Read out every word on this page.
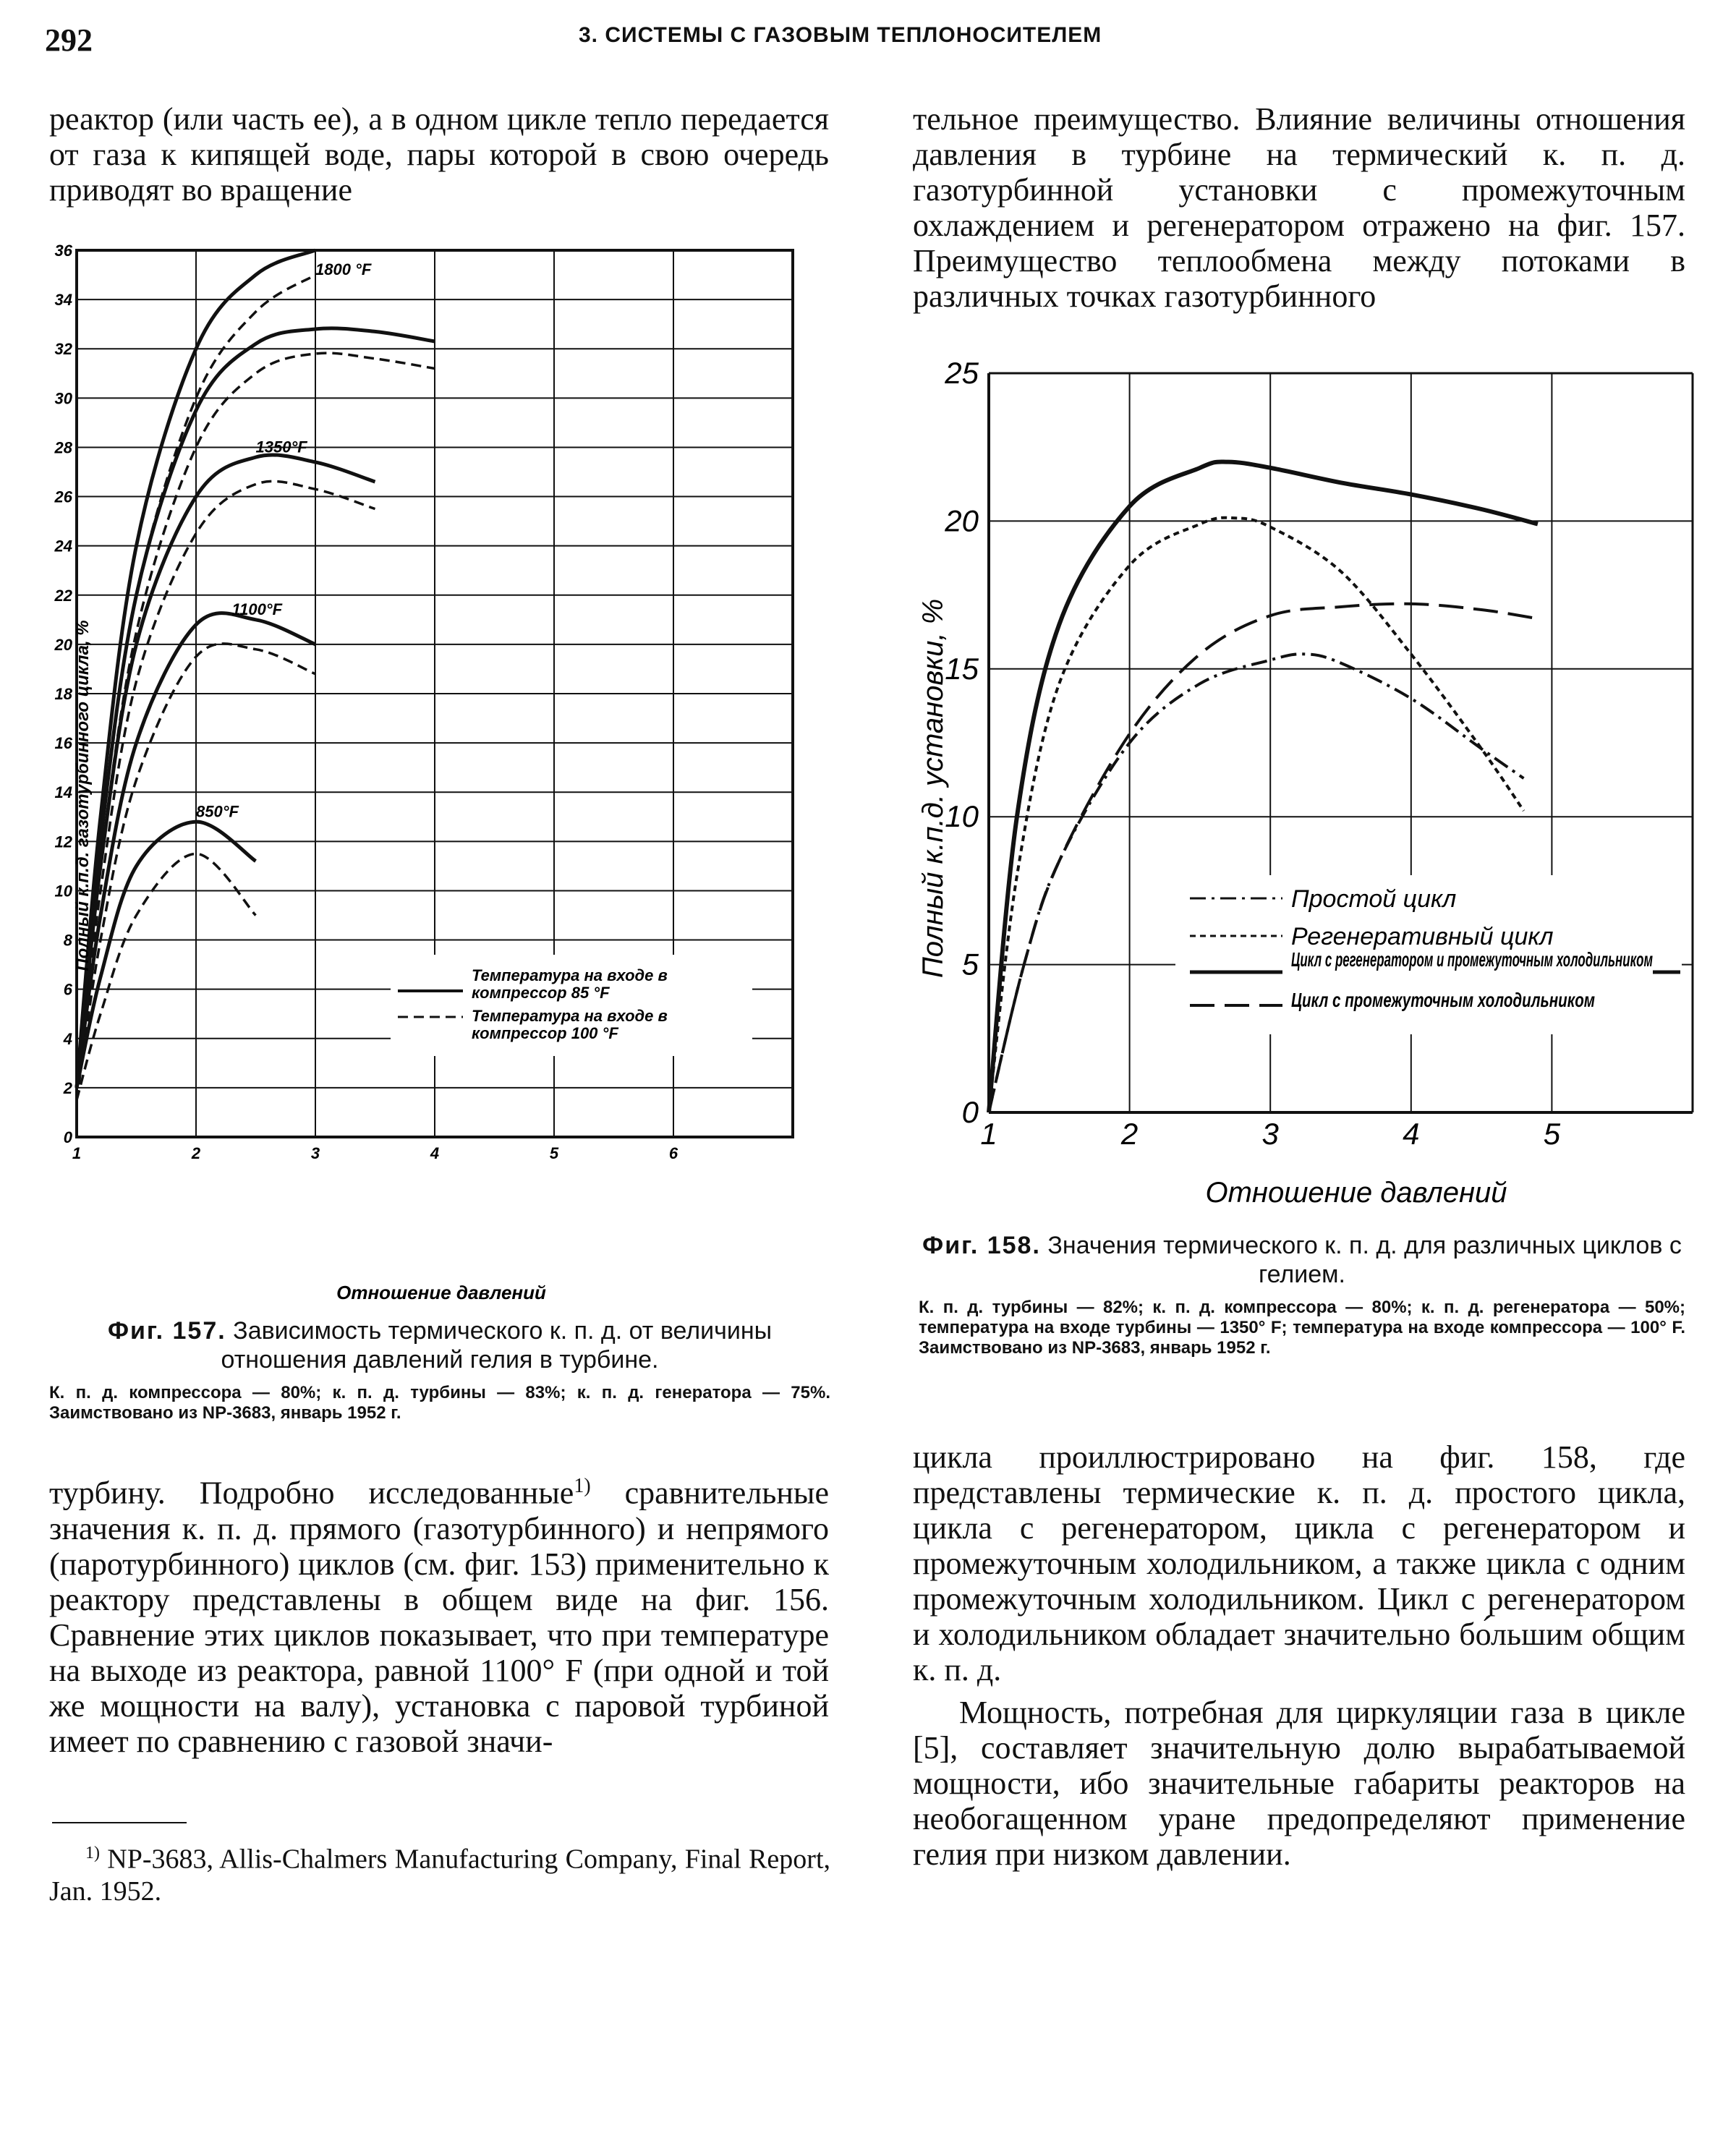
292	3. СИСТЕМЫ С ГАЗОВЫМ ТЕПЛОНОСИТЕЛЕМ

реактор (или часть ее), а в одном цикле тепло передается от газа к кипящей воде, пары которой в свою очередь приводят во вращение

0
2
4
6
8
10
12
14
16
18
20
22
24
26
28
30
32
34
36
1	2	3	4	5	6
1800 °F
1350°F
1100°F
850°F
Температура на входе в
компрессор 85 °F
Температура на входе в
компрессор 100 °F
Отношение давлений
Полный к.п.д. газотурбинного цикла, %
Фиг. 157. Зависимость термического к. п. д. от величины отношения давлений гелия в турбине.
К. п. д. компрессора — 80%; к. п. д. турбины — 83%; к. п. д. генератора — 75%. Заимствовано из NP-3683, январь 1952 г.

турбину. Подробно исследованные$^{1)}$ сравнительные значения к. п. д. прямого (газотурбинного) и непрямого (паротурбинного) циклов (см. фиг. 153) применительно к реактору представлены в общем виде на фиг. 156. Сравнение этих циклов показывает, что при температуре на выходе из реактора, равной 1100° F (при одной и той же мощности на валу), установка с паровой турбиной имеет по сравнению с газовой значи-

$^{1)}$ NP-3683, Allis-Chalmers Manufacturing Company, Final Report, Jan. 1952.

тельное преимущество. Влияние величины отношения давления в турбине на термический к. п. д. газотурбинной установки с промежуточным охлаждением и регенератором отражено на фиг. 157. Преимущество теплообмена между потоками в различных точках газотурбинного

0
5
10
15
20
25
1	2	3	4	5
Простой цикл
Регенеративный цикл
Цикл с регенератором и промежуточным холодильником
Цикл с промежуточным холодильником
Отношение давлений
Полный к.п.д. установки, %
Фиг. 158. Значения термического к. п. д. для различных циклов с гелием.
К. п. д. турбины — 82%; к. п. д. компрессора — 80%; к. п. д. регенератора — 50%; температура на входе турбины — 1350° F; температура на входе компрессора — 100° F. Заимствовано из NP-3683, январь 1952 г.

цикла проиллюстрировано на фиг. 158, где представлены термические к. п. д. простого цикла, цикла с регенератором, цикла с регенератором и промежуточным холодильником, а также цикла с одним промежуточным холодильником. Цикл с регенератором и холодильником обладает значительно бо́льшим общим к. п. д.

Мощность, потребная для циркуляции газа в цикле [5], составляет значительную долю вырабатываемой мощности, ибо значительные габариты реакторов на необогащенном уране предопределяют применение гелия при низком давлении.
